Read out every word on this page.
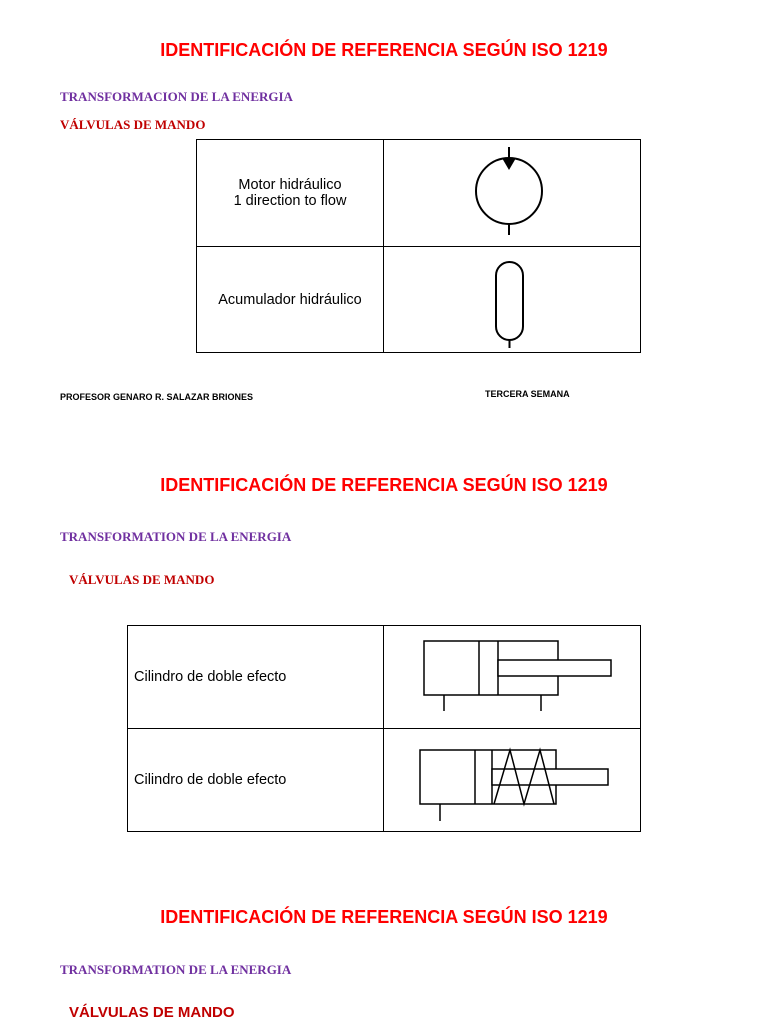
IDENTIFICACIÓN DE REFERENCIA SEGÚN ISO 1219
TRANSFORMACION DE LA ENERGIA
VÁLVULAS DE MANDO
Motor hidráulico
1 direction to flow

Acumulador hidráulico

PROFESOR GENARO R. SALAZAR BRIONES	TERCERA SEMANA
IDENTIFICACIÓN DE REFERENCIA SEGÚN ISO 1219
TRANSFORMATION DE LA ENERGIA
VÁLVULAS DE MANDO
Cilindro de doble efecto

Cilindro de doble efecto

IDENTIFICACIÓN DE REFERENCIA SEGÚN ISO 1219
TRANSFORMATION DE LA ENERGIA
VÁLVULAS DE MANDO
